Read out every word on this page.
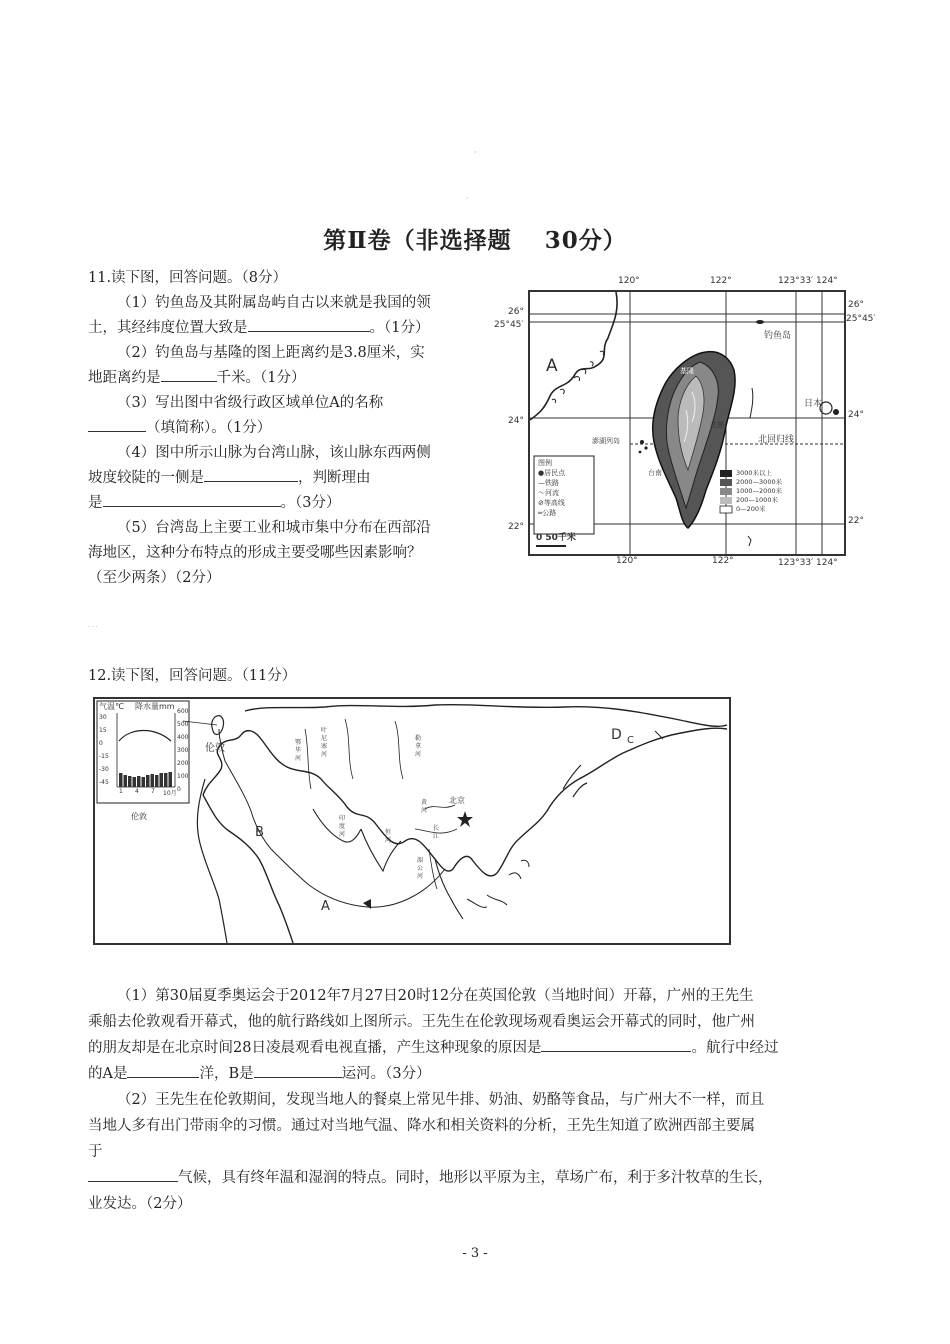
·
·
第Ⅱ卷（非选择题　 30分）

11.读下图，回答问题。（8分）

（1）钓鱼岛及其附属岛屿自古以来就是我国的领

土，其经纬度位置大致是	。（1分）

（2）钓鱼岛与基隆的图上距离约是3.8厘米，实

地距离约是	千米。（1分）

（3）写出图中省级行政区域单位A的名称

（填简称）。（1分）

（4）图中所示山脉为台湾山脉，该山脉东西两侧

坡度较陡的一侧是	，判断理由

是	。（3分）

（5）台湾岛上主要工业和城市集中分布在西部沿

海地区，这种分布特点的形成主要受哪些因素影响？

（至少两条）（2分）

120°	122°	123°33′ 124°
26°
25°45′
24°
22°
26°
25°45′
24°
22°
120°	122°	123°33′ 124°
A
钓鱼岛
日本
北回归线
基隆
花莲
台南
澎湖列岛
图例
●居民点
—铁路
〜河流
⊘等高线
═公路
3000米以上
2000—3000米
1000—2000米
200—1000米
0—200米
0 50千米
· · ·
12.读下图，回答问题。（11分）
气温℃ 降水量mm
30
15
0
-15
-30
-45
600
500
400
300
200
100
0
1 4 7 10月
伦敦
伦敦
北京
A
B
C
D
叶尼塞河
鄂毕河
勒拿河
黄河
长江
湄公河
印度河	恒河

（1）第30届夏季奥运会于2012年7月27日20时12分在英国伦敦（当地时间）开幕，广州的王先生

乘船去伦敦观看开幕式，他的航行路线如上图所示。王先生在伦敦现场观看奥运会开幕式的同时，他广州

的朋友却是在北京时间28日凌晨观看电视直播，产生这种现象的原因是	。航行中经过

的A是	洋，B是	运河。（3分）

（2）王先生在伦敦期间，发现当地人的餐桌上常见牛排、奶油、奶酪等食品，与广州大不一样，而且

当地人多有出门带雨伞的习惯。通过对当地气温、降水和相关资料的分析，王先生知道了欧洲西部主要属

于

气候，具有终年温和湿润的特点。同时，地形以平原为主，草场广布，利于多汁牧草的生长，

业发达。（2分）

- 3 -
